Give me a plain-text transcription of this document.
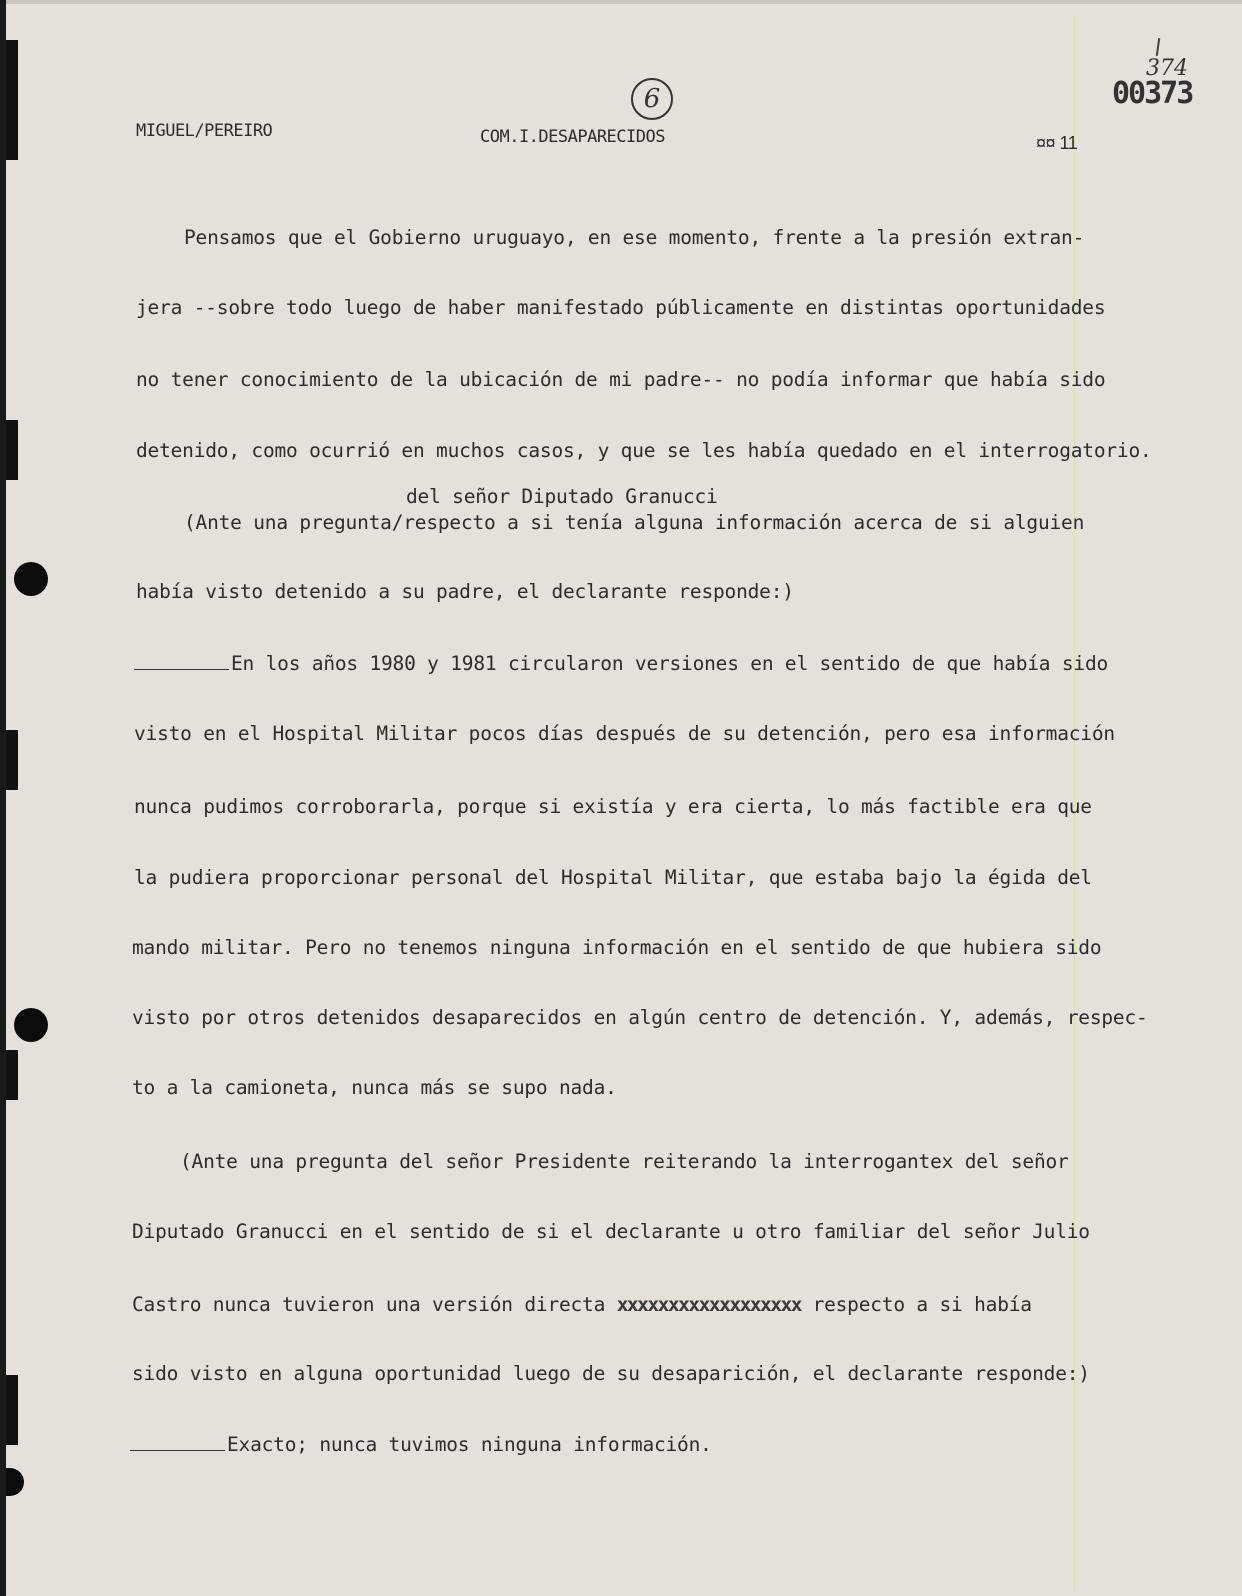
MIGUEL/PEREIRO	COM.I.DESAPARECIDOS	¤¤ 11
6
374
00373
Pensamos que el Gobierno uruguayo, en ese momento, frente a la presión extran-
jera --sobre todo luego de haber manifestado públicamente en distintas oportunidades
no tener conocimiento de la ubicación de mi padre-- no podía informar que había sido
detenido, como ocurrió en muchos casos, y que se les había quedado en el interrogatorio.
del señor Diputado Granucci
(Ante una pregunta/respecto a si tenía alguna información acerca de si alguien
había visto detenido a su padre, el declarante responde:)
En los años 1980 y 1981 circularon versiones en el sentido de que había sido
visto en el Hospital Militar pocos días después de su detención, pero esa información
nunca pudimos corroborarla, porque si existía y era cierta, lo más factible era que
la pudiera proporcionar personal del Hospital Militar, que estaba bajo la égida del
mando militar. Pero no tenemos ninguna información en el sentido de que hubiera sido
visto por otros detenidos desaparecidos en algún centro de detención. Y, además, respec-
to a la camioneta, nunca más se supo nada.
(Ante una pregunta del señor Presidente reiterando la interrogantex del señor
Diputado Granucci en el sentido de si el declarante u otro familiar del señor Julio
Castro nunca tuvieron una versión directa xxxxxxxxxxxxxxxxxx respecto a si había
sido visto en alguna oportunidad luego de su desaparición, el declarante responde:)
Exacto; nunca tuvimos ninguna información.
